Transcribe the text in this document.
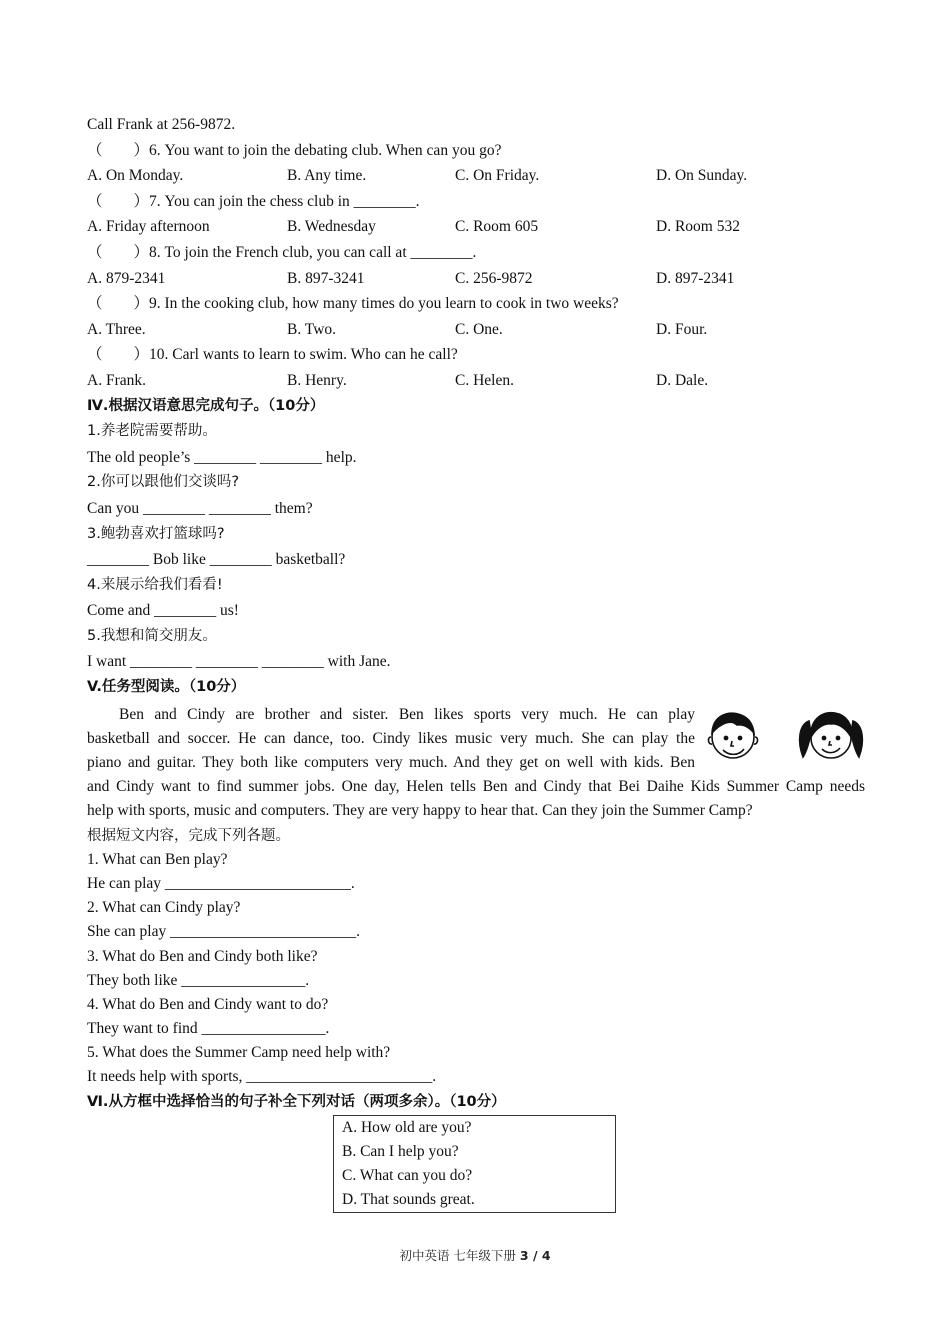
Call Frank at 256-9872.
（　　）6. You want to join the debating club. When can you go?
A. On Monday.	B. Any time.	C. On Friday.	D. On Sunday.
（　　）7. You can join the chess club in ________.
A. Friday afternoon	B. Wednesday	C. Room 605	D. Room 532
（　　）8. To join the French club, you can call at ________.
A. 879-2341	B. 897-3241	C. 256-9872	D. 897-2341
（　　）9. In the cooking club, how many times do you learn to cook in two weeks?
A. Three.	B. Two.	C. One.	D. Four.
（　　）10. Carl wants to learn to swim. Who can he call?
A. Frank.	B. Henry.	C. Helen.	D. Dale.
Ⅳ.根据汉语意思完成句子。（10分）
1.养老院需要帮助。
The old people’s ________ ________ help.
2.你可以跟他们交谈吗?
Can you ________ ________ them?
3.鲍勃喜欢打篮球吗?
________ Bob like ________ basketball?
4.来展示给我们看看!
Come and ________ us!
5.我想和简交朋友。
I want ________ ________ ________ with Jane.
V.任务型阅读。（10分）
Ben and Cindy are brother and sister. Ben likes sports very much. He can play
basketball and soccer. He can dance, too. Cindy likes music very much. She can play the
piano and guitar. They both like computers very much. And they get on well with kids. Ben
and Cindy want to find summer jobs. One day, Helen tells Ben and Cindy that Bei Daihe Kids Summer Camp needs
help with sports, music and computers. They are very happy to hear that. Can they join the Summer Camp?
根据短文内容，完成下列各题。
1. What can Ben play?
He can play ________________________.
2. What can Cindy play?
She can play ________________________.
3. What do Ben and Cindy both like?
They both like ________________.
4. What do Ben and Cindy want to do?
They want to find ________________.
5. What does the Summer Camp need help with?
It needs help with sports, ________________________.
Ⅵ.从方框中选择恰当的句子补全下列对话（两项多余）。（10分）
A. How old are you?
B. Can I help you?
C. What can you do?
D. That sounds great.
初中英语 七年级下册 3 / 4
